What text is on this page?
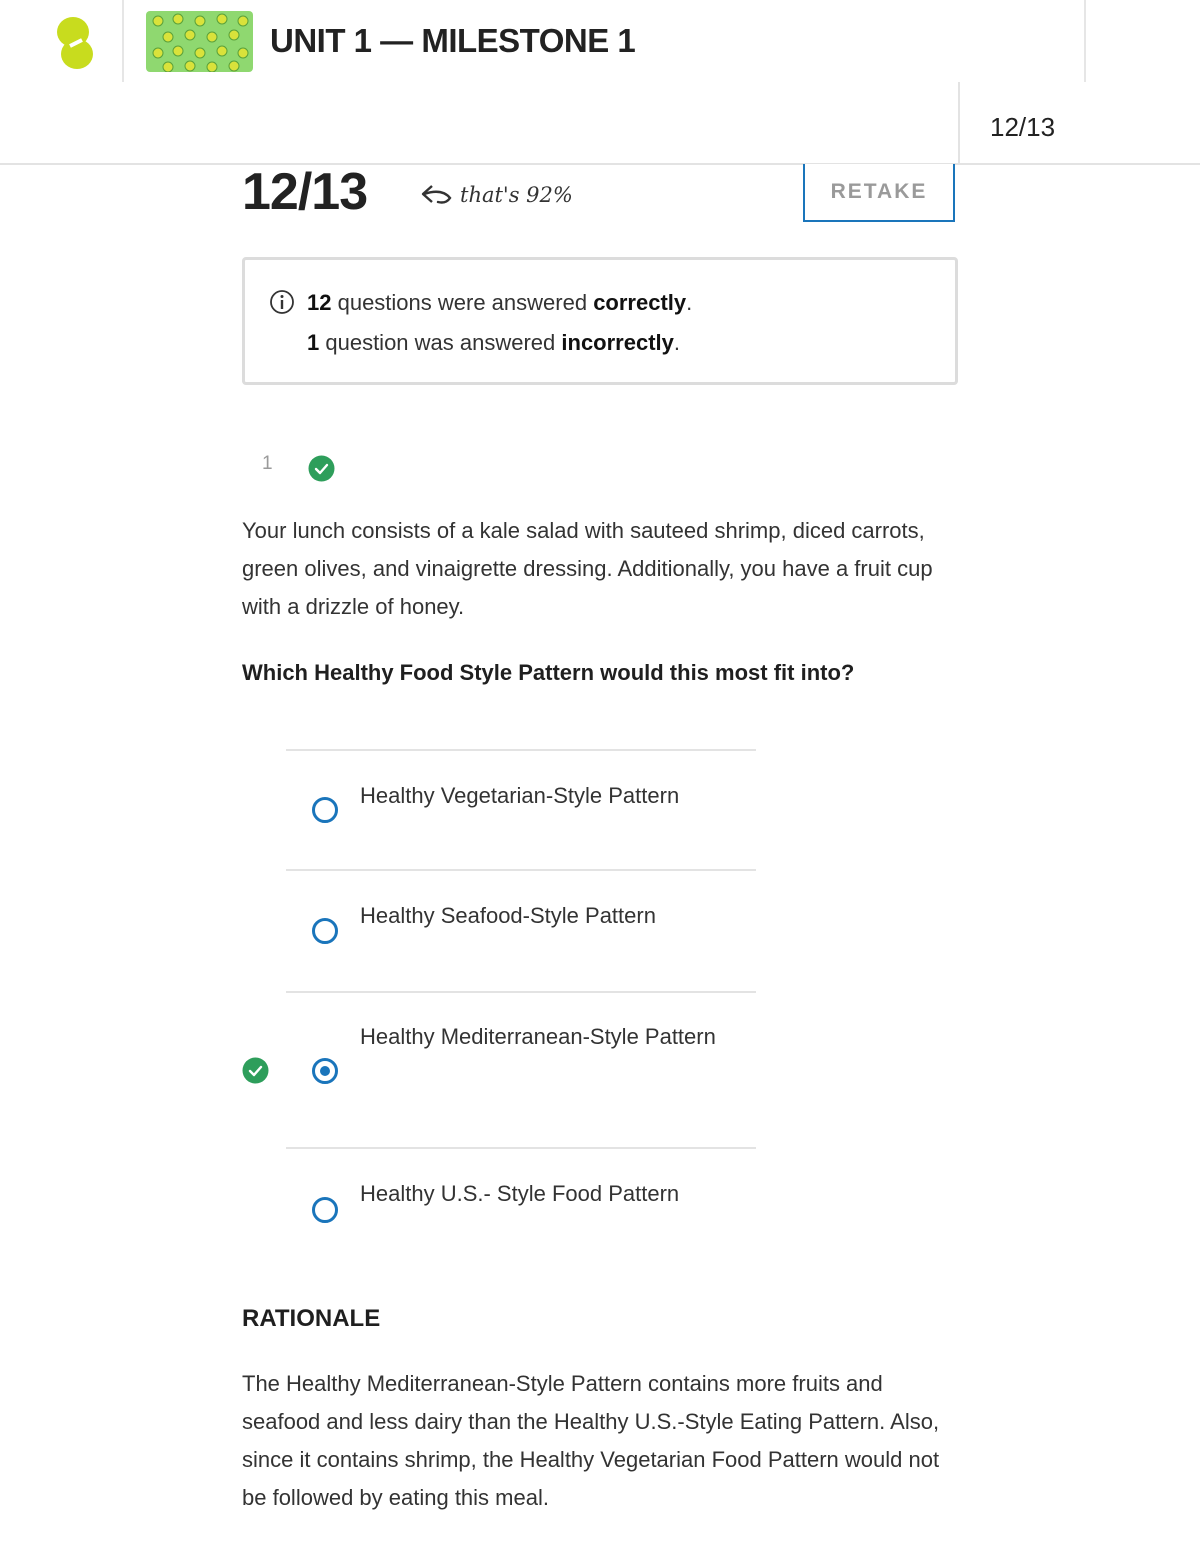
UNIT 1 — MILESTONE 1
12/13
12/13	that's 92%	RETAKE
12 questions were answered correctly.
1 question was answered incorrectly.
1

Your lunch consists of a kale salad with sauteed shrimp, diced carrots, green olives, and vinaigrette dressing. Additionally, you have a fruit cup with a drizzle of honey.

Which Healthy Food Style Pattern would this most fit into?
Healthy Vegetarian-Style Pattern
Healthy Seafood-Style Pattern
Healthy Mediterranean-Style Pattern
Healthy U.S.- Style Food Pattern
RATIONALE

The Healthy Mediterranean-Style Pattern contains more fruits and seafood and less dairy than the Healthy U.S.-Style Eating Pattern. Also, since it contains shrimp, the Healthy Vegetarian Food Pattern would not be followed by eating this meal.
